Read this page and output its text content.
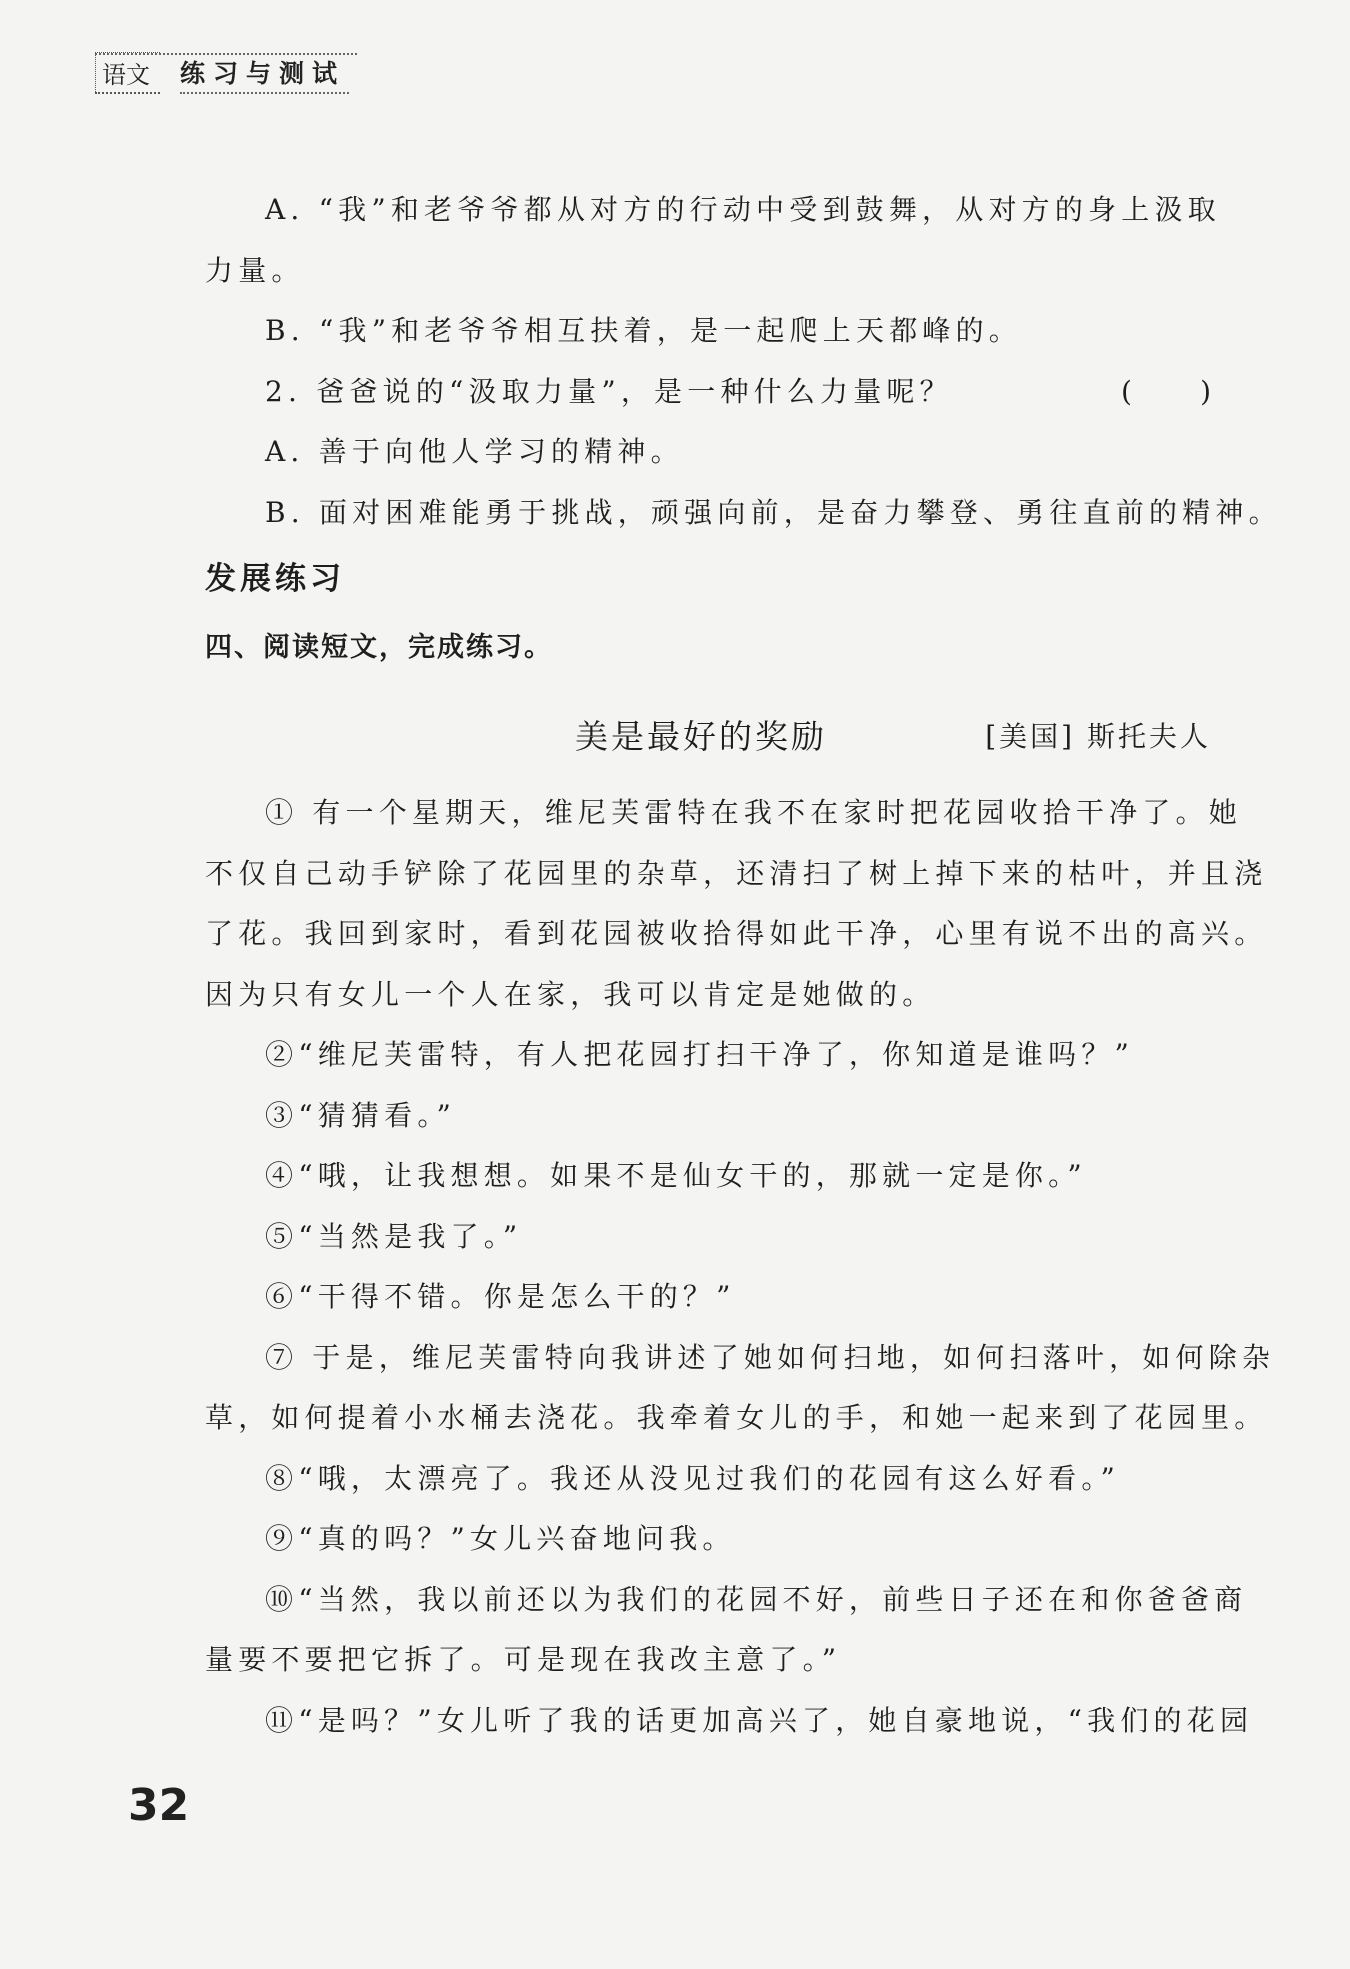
语文	练习与测试

A. “我”和老爷爷都从对方的行动中受到鼓舞，从对方的身上汲取

力量。

B. “我”和老爷爷相互扶着，是一起爬上天都峰的。

2. 爸爸说的“汲取力量”，是一种什么力量呢？	( )

A. 善于向他人学习的精神。

B. 面对困难能勇于挑战，顽强向前，是奋力攀登、勇往直前的精神。

发展练习

四、阅读短文，完成练习。

美是最好的奖励	[美国] 斯托夫人

① 有一个星期天，维尼芙雷特在我不在家时把花园收拾干净了。她

不仅自己动手铲除了花园里的杂草，还清扫了树上掉下来的枯叶，并且浇

了花。我回到家时，看到花园被收拾得如此干净，心里有说不出的高兴。

因为只有女儿一个人在家，我可以肯定是她做的。

②“维尼芙雷特，有人把花园打扫干净了，你知道是谁吗？”

③“猜猜看。”

④“哦，让我想想。如果不是仙女干的，那就一定是你。”

⑤“当然是我了。”

⑥“干得不错。你是怎么干的？”

⑦ 于是，维尼芙雷特向我讲述了她如何扫地，如何扫落叶，如何除杂

草，如何提着小水桶去浇花。我牵着女儿的手，和她一起来到了花园里。

⑧“哦，太漂亮了。我还从没见过我们的花园有这么好看。”

⑨“真的吗？”女儿兴奋地问我。

⑩“当然，我以前还以为我们的花园不好，前些日子还在和你爸爸商

量要不要把它拆了。可是现在我改主意了。”

⑪“是吗？”女儿听了我的话更加高兴了，她自豪地说，“我们的花园

32
